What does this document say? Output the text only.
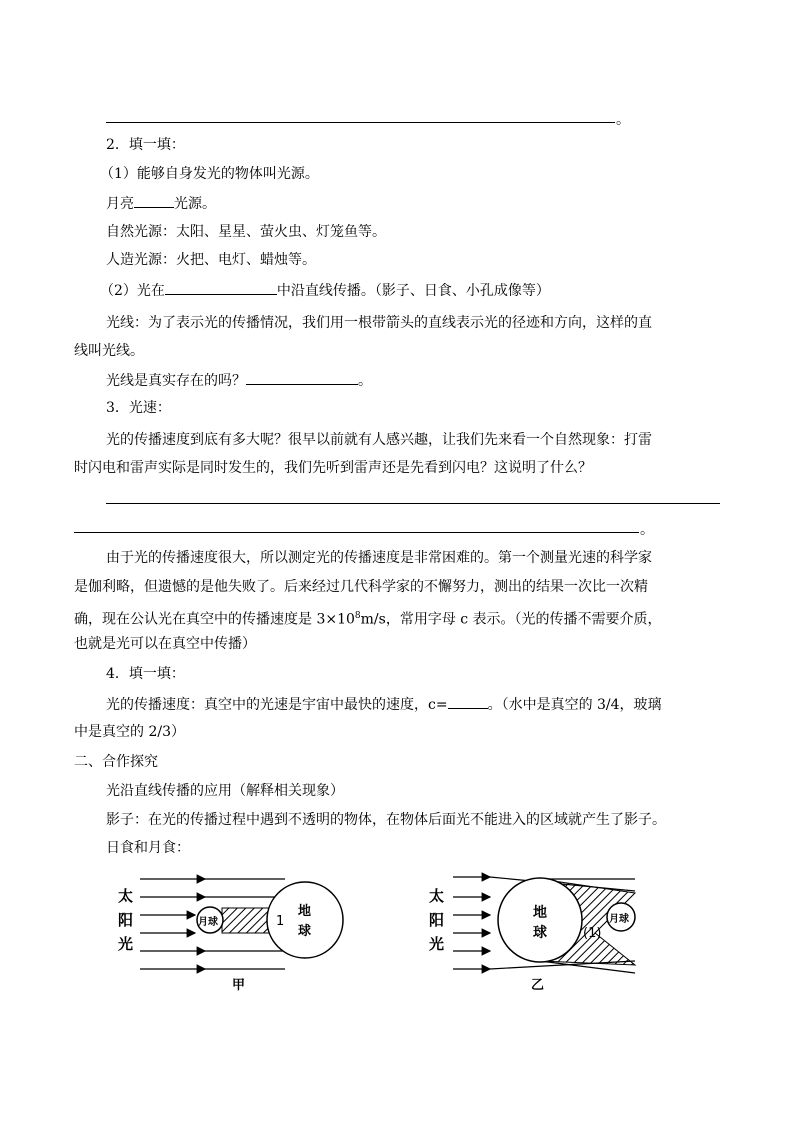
。
2．填一填：
（1）能够自身发光的物体叫光源。
月亮	光源。
自然光源：太阳、星星、萤火虫、灯笼鱼等。
人造光源：火把、电灯、蜡烛等。
（2）光在	中沿直线传播。（影子、日食、小孔成像等）
光线：为了表示光的传播情况，我们用一根带箭头的直线表示光的径迹和方向，这样的直
线叫光线。
光线是真实存在的吗？	。
3．光速：
光的传播速度到底有多大呢？很早以前就有人感兴趣，让我们先来看一个自然现象：打雷
时闪电和雷声实际是同时发生的，我们先听到雷声还是先看到闪电？这说明了什么？
。
由于光的传播速度很大，所以测定光的传播速度是非常困难的。第一个测量光速的科学家
是伽利略，但遗憾的是他失败了。后来经过几代科学家的不懈努力，测出的结果一次比一次精
确，现在公认光在真空中的传播速度是 $3\times 10^8m/s$，常用字母 c 表示。（光的传播不需要介质，
也就是光可以在真空中传播）
4．填一填：
光的传播速度：真空中的光速是宇宙中最快的速度，c=	。（水中是真空的 3/4，玻璃
中是真空的 2/3）
二、合作探究
光沿直线传播的应用（解释相关现象）
影子：在光的传播过程中遇到不透明的物体，在物体后面光不能进入的区域就产生了影子。
日食和月食：
太
阳
光
月球	1
地
球
甲
太
阳
光
地
球	(1)
月球
乙
